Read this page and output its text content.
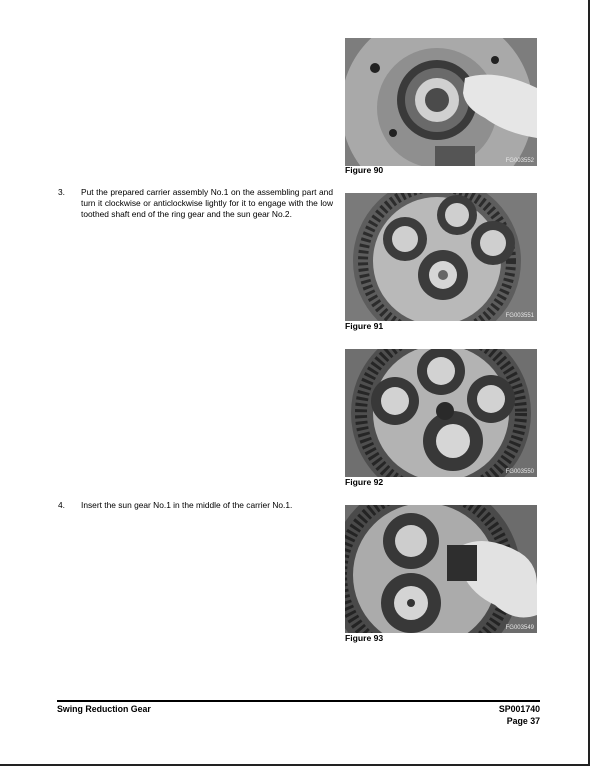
3. Put the prepared carrier assembly No.1 on the assembling part and turn it clockwise or anticlockwise lightly for it to engage with the low toothed shaft end of the ring gear and the sun gear No.2.
4. Insert the sun gear No.1 in the middle of the carrier No.1.
FG003552
Figure 90
FG003551
Figure 91
FG003550
Figure 92
FG003549
Figure 93
Swing Reduction Gear	SP001740
Page 37
